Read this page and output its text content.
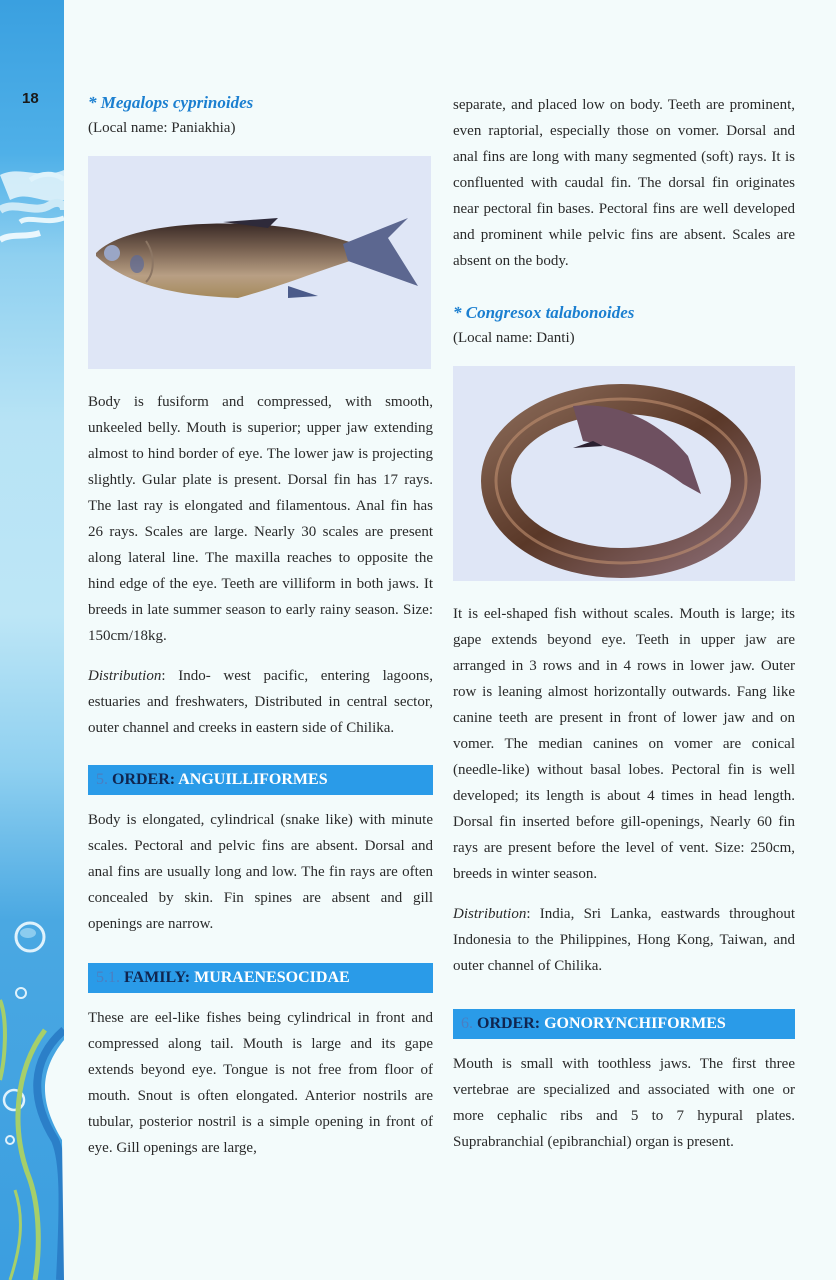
18	* Megalops cyprinoides

(Local name: Paniakhia)

Body is fusiform and compressed, with smooth, unkeeled belly. Mouth is superior; upper jaw extending almost to hind border of eye. The lower jaw is projecting slightly. Gular plate is present. Dorsal fin has 17 rays. The last ray is elongated and filamentous. Anal fin has 26 rays. Scales are large. Nearly 30 scales are present along lateral line. The maxilla reaches to opposite the hind edge of the eye. Teeth are villiform in both jaws. It breeds in late summer season to early rainy season. Size: 150cm/18kg.

Distribution: Indo- west pacific, entering lagoons, estuaries and freshwaters, Distributed in central sector, outer channel and creeks in eastern side of Chilika.

5. ORDER: ANGUILLIFORMES

Body is elongated, cylindrical (snake like) with minute scales. Pectoral and pelvic fins are absent. Dorsal and anal fins are usually long and low. The fin rays are often concealed by skin. Fin spines are absent and gill openings are narrow.

5.1. FAMILY: MURAENESOCIDAE

These are eel-like fishes being cylindrical in front and compressed along tail. Mouth is large and its gape extends beyond eye. Tongue is not free from floor of mouth. Snout is often elongated. Anterior nostrils are tubular, posterior nostril is a simple opening in front of eye. Gill openings are large,

separate, and placed low on body. Teeth are prominent, even raptorial, especially those on vomer. Dorsal and anal fins are long with many segmented (soft) rays. It is confluented with caudal fin. The dorsal fin originates near pectoral fin bases. Pectoral fins are well developed and prominent while pelvic fins are absent. Scales are absent on the body.

* Congresox talabonoides

(Local name: Danti)

It is eel-shaped fish without scales. Mouth is large; its gape extends beyond eye. Teeth in upper jaw are arranged in 3 rows and in 4 rows in lower jaw. Outer row is leaning almost horizontally outwards. Fang like canine teeth are present in front of lower jaw and on vomer. The median canines on vomer are conical (needle-like) without basal lobes. Pectoral fin is well developed; its length is about 4 times in head length. Dorsal fin inserted before gill-openings, Nearly 60 fin rays are present before the level of vent. Size: 250cm, breeds in winter season.

Distribution: India, Sri Lanka, eastwards throughout Indonesia to the Philippines, Hong Kong, Taiwan, and outer channel of Chilika.

6. ORDER: GONORYNCHIFORMES

Mouth is small with toothless jaws. The first three vertebrae are specialized and associated with one or more cephalic ribs and 5 to 7 hypural plates. Suprabranchial (epibranchial) organ is present.
